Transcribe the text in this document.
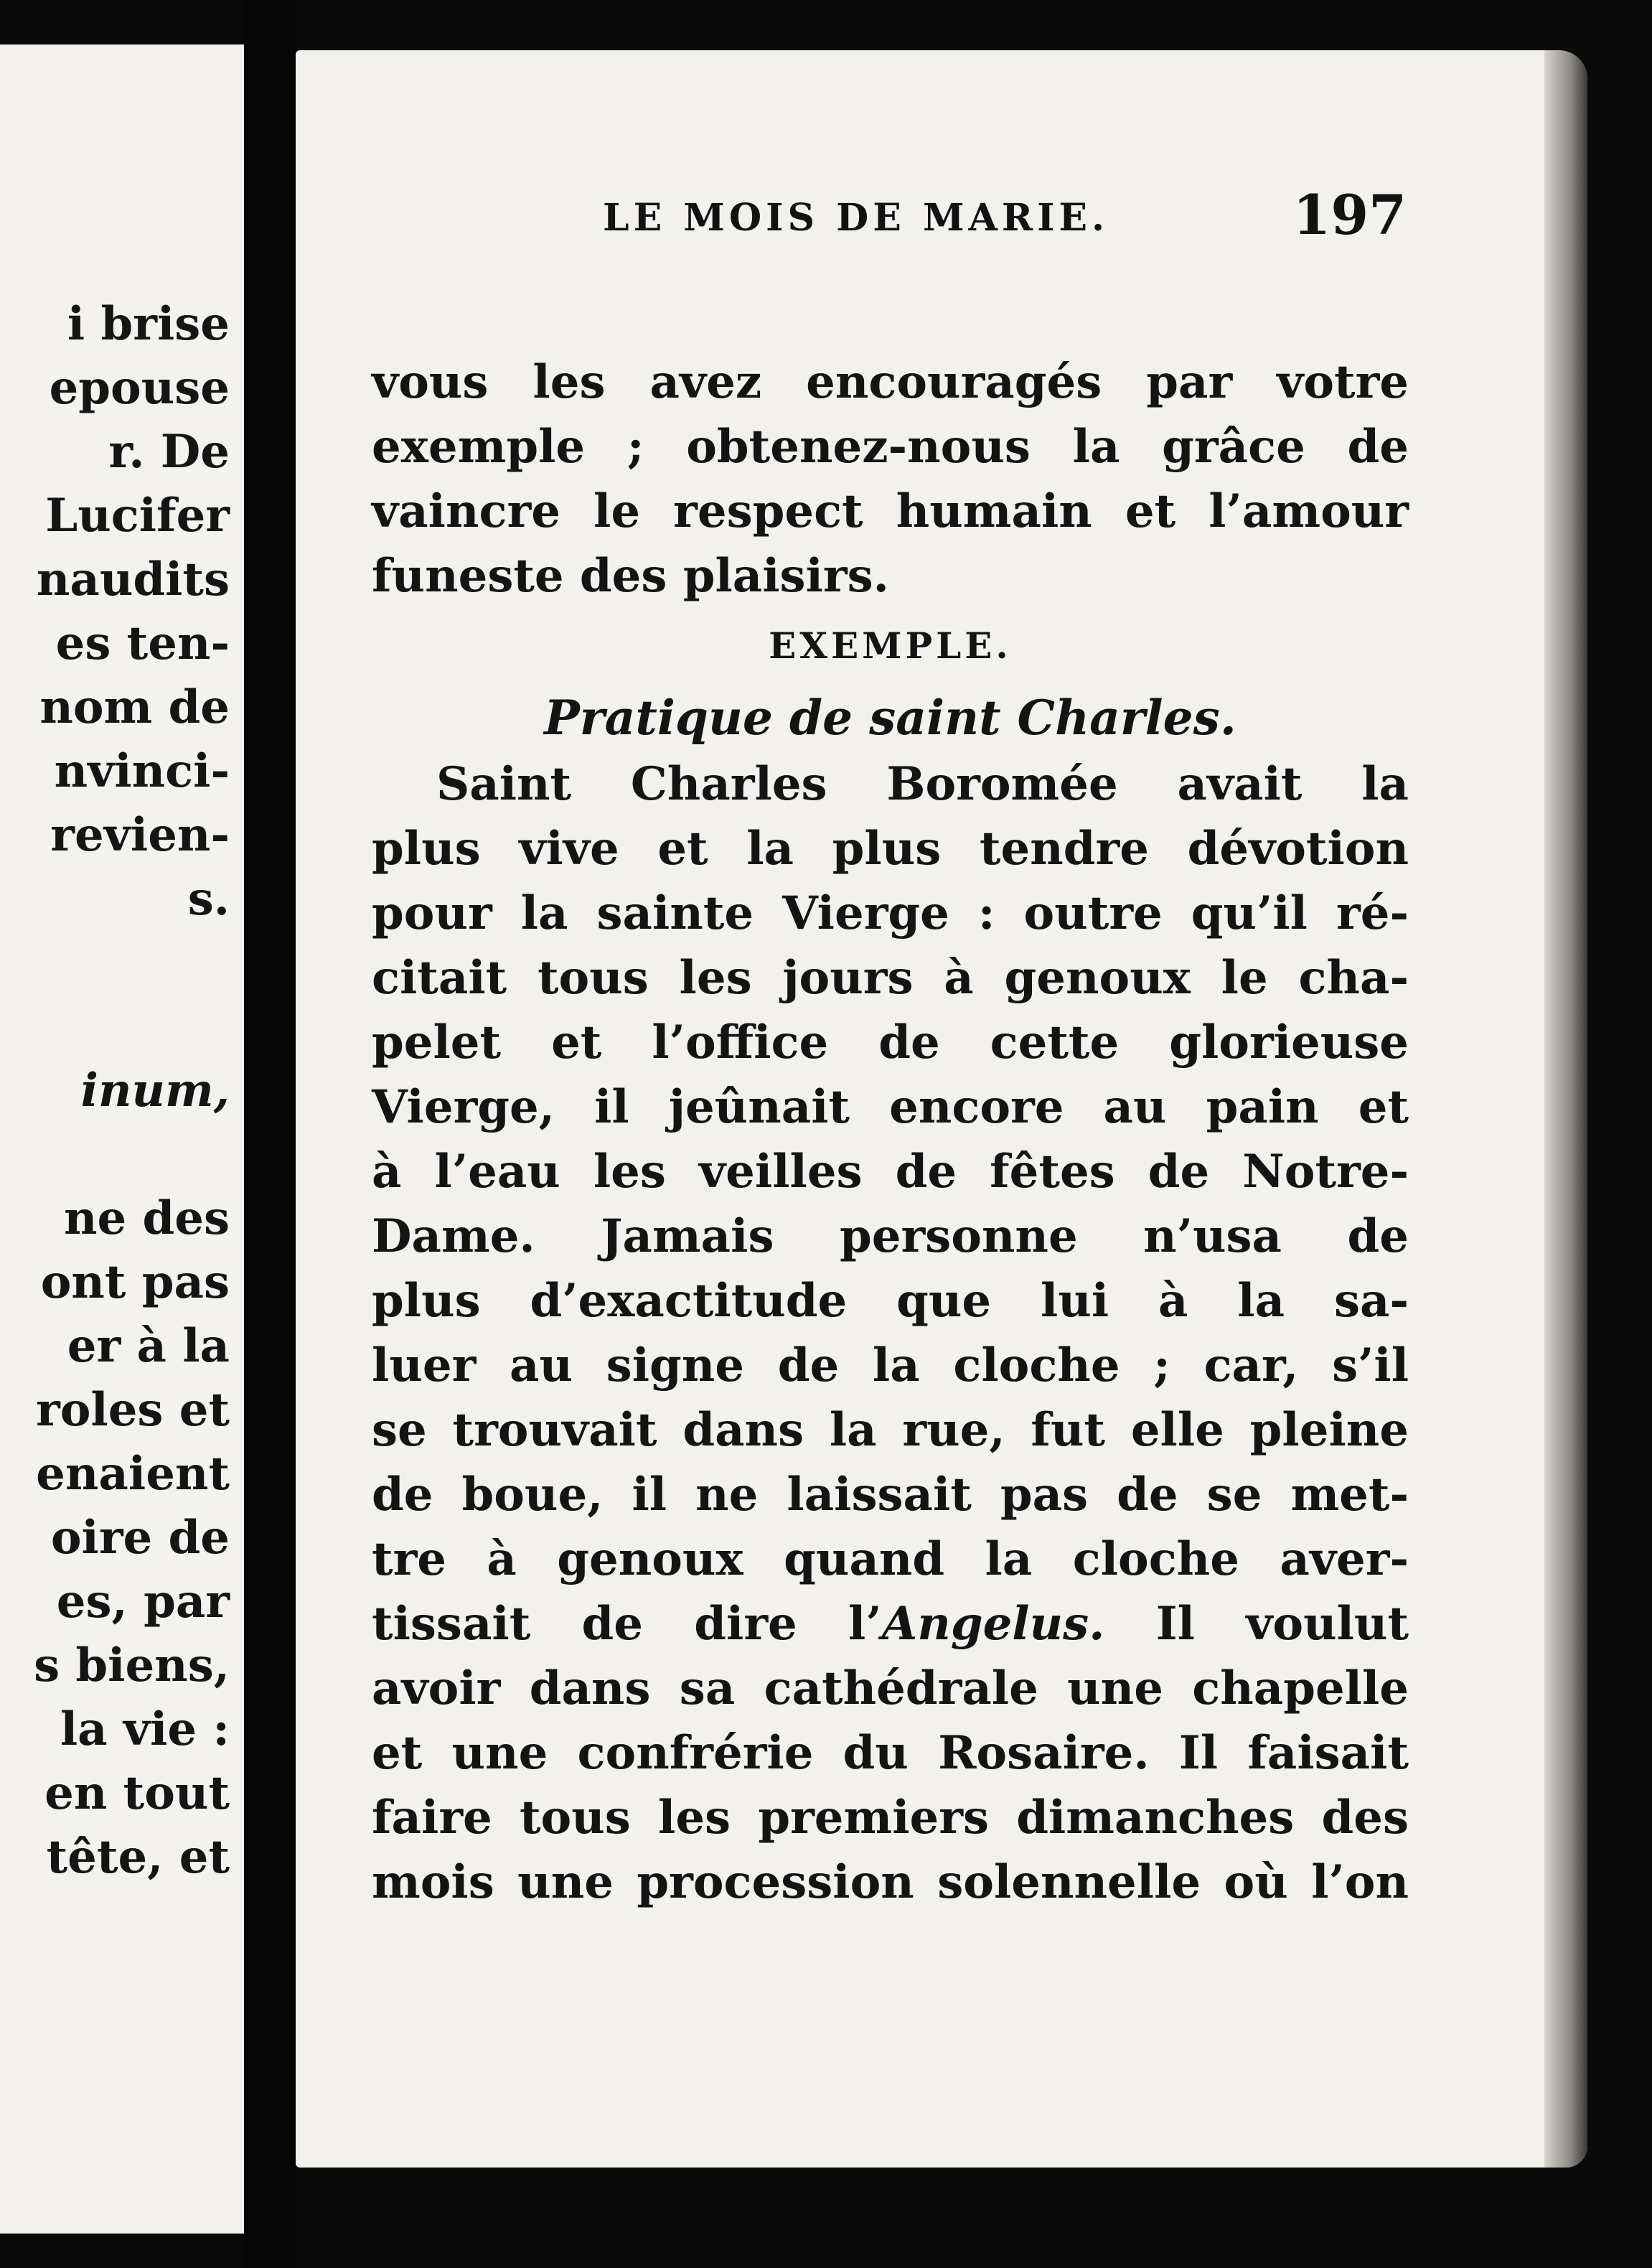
i brise
epouse
r. De
Lucifer
naudits
es ten-
nom de
nvinci-
revien-
s.
inum,
ne des
ont pas
er à la
roles et
enaient
oire de
es, par
s biens,
la vie :
en tout
tête, et
LE MOIS DE MARIE.	197
vous les avez encouragés par votre
exemple ; obtenez-nous la grâce de
vaincre le respect humain et l’amour
funeste des plaisirs.
EXEMPLE.
Pratique de saint Charles.
Saint Charles Boromée avait la
plus vive et la plus tendre dévotion
pour la sainte Vierge : outre qu’il ré-
citait tous les jours à genoux le cha-
pelet et l’office de cette glorieuse
Vierge, il jeûnait encore au pain et
à l’eau les veilles de fêtes de Notre-
Dame. Jamais personne n’usa de
plus d’exactitude que lui à la sa-
luer au signe de la cloche ; car, s’il
se trouvait dans la rue, fut elle pleine
de boue, il ne laissait pas de se met-
tre à genoux quand la cloche aver-
tissait de dire l’Angelus. Il voulut
avoir dans sa cathédrale une chapelle
et une confrérie du Rosaire. Il faisait
faire tous les premiers dimanches des
mois une procession solennelle où l’on
